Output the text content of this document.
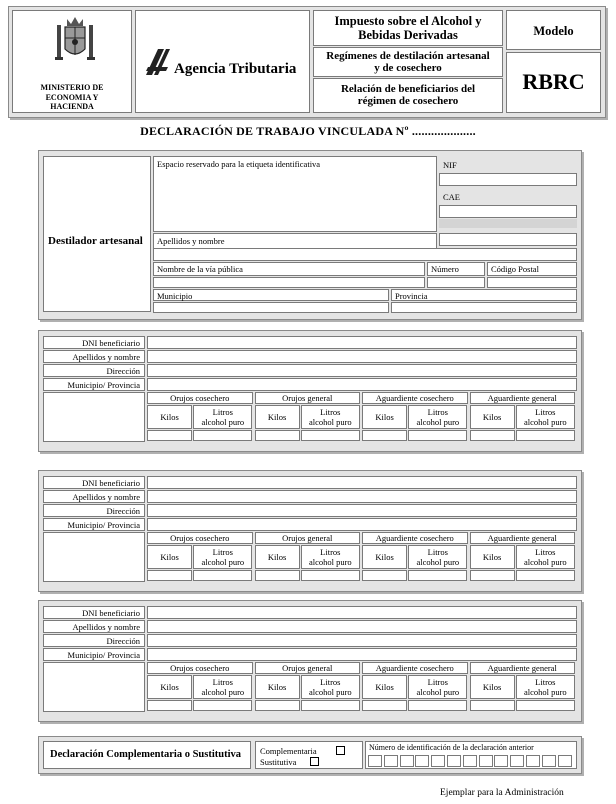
MINISTERIO DE
ECONOMIA Y
HACIENDA
Agencia Tributaria
Impuesto sobre el Alcohol y
Bebidas Derivadas
Regímenes de destilación artesanal
y de cosechero
Relación de beneficiarios del
régimen de cosechero
Modelo
RBRC
DECLARACIÓN DE TRABAJO VINCULADA Nº ....................
Destilador artesanal
Espacio reservado para la etiqueta identificativa	NIF
CAE
Apellidos y nombre
Nombre de la vía pública	Número	Código Postal
Municipio	Provincia
DNI beneficiario
Apellidos y nombre
Dirección
Municipio/ Provincia
Orujos cosechero
Kilos	Litros
alcohol puro
Orujos general
Kilos	Litros
alcohol puro
Aguardiente cosechero
Kilos	Litros
alcohol puro
Aguardiente general
Kilos	Litros
alcohol puro
DNI beneficiario
Apellidos y nombre
Dirección
Municipio/ Provincia
Orujos cosechero
Kilos	Litros
alcohol puro
Orujos general
Kilos	Litros
alcohol puro
Aguardiente cosechero
Kilos	Litros
alcohol puro
Aguardiente general
Kilos	Litros
alcohol puro
DNI beneficiario
Apellidos y nombre
Dirección
Municipio/ Provincia
Orujos cosechero
Kilos	Litros
alcohol puro
Orujos general
Kilos	Litros
alcohol puro
Aguardiente cosechero
Kilos	Litros
alcohol puro
Aguardiente general
Kilos	Litros
alcohol puro
Declaración Complementaria o Sustitutiva	Complementaria
Sustitutiva
Número de identificación de la declaración anterior
Ejemplar para la Administración
